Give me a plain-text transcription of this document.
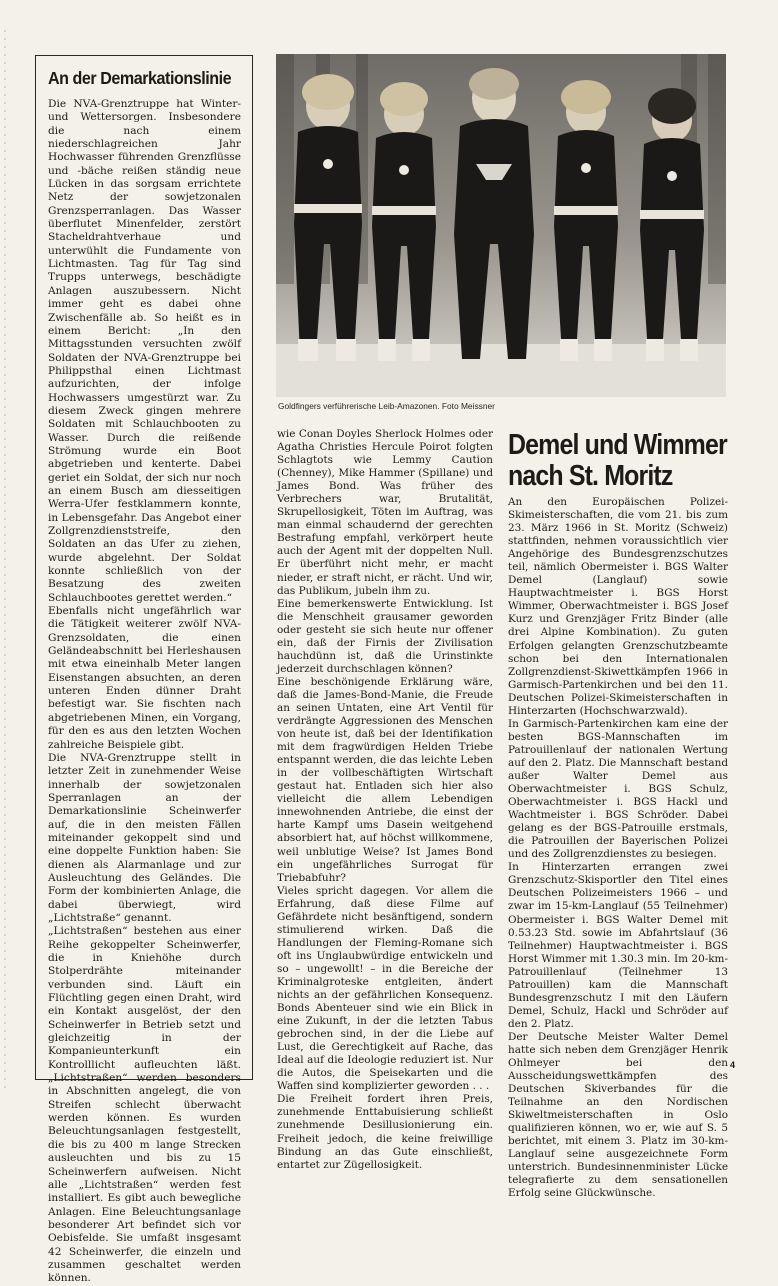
An der Demarkationslinie

Die NVA-Grenztruppe hat Winter- und Wettersorgen. Insbesondere die nach einem niederschlagreichen Jahr Hochwasser führenden Grenzflüsse und -bäche reißen ständig neue Lücken in das sorgsam errichtete Netz der sowjetzonalen Grenzsperranlagen. Das Wasser überflutet Minenfelder, zerstört Stacheldrahtverhaue und unterwühlt die Fundamente von Lichtmasten. Tag für Tag sind Trupps unterwegs, beschädigte Anlagen auszubessern. Nicht immer geht es dabei ohne Zwischenfälle ab. So heißt es in einem Bericht: „In den Mittagsstunden versuchten zwölf Soldaten der NVA-Grenztruppe bei Philippsthal einen Lichtmast aufzurichten, der infolge Hochwassers umgestürzt war. Zu diesem Zweck gingen mehrere Soldaten mit Schlauchbooten zu Wasser. Durch die reißende Strömung wurde ein Boot abgetrieben und kenterte. Dabei geriet ein Soldat, der sich nur noch an einem Busch am diesseitigen Werra-Ufer festklammern konnte, in Lebensgefahr. Das Angebot einer Zollgrenzdienststreife, den Soldaten an das Ufer zu ziehen, wurde abgelehnt. Der Soldat konnte schließlich von der Besatzung des zweiten Schlauchbootes gerettet werden.“

Ebenfalls nicht ungefährlich war die Tätigkeit weiterer zwölf NVA-Grenzsoldaten, die einen Geländeabschnitt bei Herleshausen mit etwa eineinhalb Meter langen Eisenstangen absuchten, an deren unteren Enden dünner Draht befestigt war. Sie fischten nach abgetriebenen Minen, ein Vorgang, für den es aus den letzten Wochen zahlreiche Beispiele gibt.

Die NVA-Grenztruppe stellt in letzter Zeit in zunehmender Weise innerhalb der sowjetzonalen Sperranlagen an der Demarkationslinie Scheinwerfer auf, die in den meisten Fällen miteinander gekoppelt sind und eine doppelte Funktion haben: Sie dienen als Alarmanlage und zur Ausleuchtung des Geländes. Die Form der kombinierten Anlage, die dabei überwiegt, wird „Lichtstraße“ genannt.

„Lichtstraßen“ bestehen aus einer Reihe gekoppelter Scheinwerfer, die in Kniehöhe durch Stolperdrähte miteinander verbunden sind. Läuft ein Flüchtling gegen einen Draht, wird ein Kontakt ausgelöst, der den Scheinwerfer in Betrieb setzt und gleichzeitig in der Kompanieunterkunft ein Kontrolllicht aufleuchten läßt. „Lichtstraßen“ werden besonders in Abschnitten angelegt, die von Streifen schlecht überwacht werden können. Es wurden Beleuchtungsanlagen festgestellt, die bis zu 400 m lange Strecken ausleuchten und bis zu 15 Scheinwerfern aufweisen. Nicht alle „Lichtstraßen“ werden fest installiert. Es gibt auch bewegliche Anlagen. Eine Beleuchtungsanlage besonderer Art befindet sich vor Oebisfelde. Sie umfaßt insgesamt 42 Scheinwerfer, die einzeln und zusammen geschaltet werden können.

Goldfingers verführerische Leib-Amazonen. Foto Meissner

wie Conan Doyles Sherlock Holmes oder Agatha Christies Hercule Poirot folgten Schlagtots wie Lemmy Caution (Chenney), Mike Hammer (Spillane) und James Bond. Was früher des Verbrechers war, Brutalität, Skrupellosigkeit, Töten im Auftrag, was man einmal schaudernd der gerechten Bestrafung empfahl, verkörpert heute auch der Agent mit der doppelten Null. Er überführt nicht mehr, er macht nieder, er straft nicht, er rächt. Und wir, das Publikum, jubeln ihm zu.

Eine bemerkenswerte Entwicklung. Ist die Menschheit grausamer geworden oder gesteht sie sich heute nur offener ein, daß der Firnis der Zivilisation hauchdünn ist, daß die Urinstinkte jederzeit durchschlagen können?

Eine beschönigende Erklärung wäre, daß die James-Bond-Manie, die Freude an seinen Untaten, eine Art Ventil für verdrängte Aggressionen des Menschen von heute ist, daß bei der Identifikation mit dem fragwürdigen Helden Triebe entspannt werden, die das leichte Leben in der vollbeschäftigten Wirtschaft gestaut hat. Entladen sich hier also vielleicht die allem Lebendigen innewohnenden Antriebe, die einst der harte Kampf ums Dasein weitgehend absorbiert hat, auf höchst willkommene, weil unblutige Weise? Ist James Bond ein ungefährliches Surrogat für Triebabfuhr?

Vieles spricht dagegen. Vor allem die Erfahrung, daß diese Filme auf Gefährdete nicht besänftigend, sondern stimulierend wirken. Daß die Handlungen der Fleming-Romane sich oft ins Unglaubwürdige entwickeln und so – ungewollt! – in die Bereiche der Kriminalgroteske entgleiten, ändert nichts an der gefährlichen Konsequenz. Bonds Abenteuer sind wie ein Blick in eine Zukunft, in der die letzten Tabus gebrochen sind, in der die Liebe auf Lust, die Gerechtigkeit auf Rache, das Ideal auf die Ideologie reduziert ist. Nur die Autos, die Speisekarten und die Waffen sind komplizierter geworden . . .

Die Freiheit fordert ihren Preis, zunehmende Enttabuisierung schließt zunehmende Desillusionierung ein. Freiheit jedoch, die keine freiwillige Bindung an das Gute einschließt, entartet zur Zügellosigkeit.

Demel und Wimmer
nach St. Moritz

An den Europäischen Polizei-Skimeisterschaften, die vom 21. bis zum 23. März 1966 in St. Moritz (Schweiz) stattfinden, nehmen voraussichtlich vier Angehörige des Bundesgrenzschutzes teil, nämlich Obermeister i. BGS Walter Demel (Langlauf) sowie Hauptwachtmeister i. BGS Horst Wimmer, Oberwachtmeister i. BGS Josef Kurz und Grenzjäger Fritz Binder (alle drei Alpine Kombination). Zu guten Erfolgen gelangten Grenzschutzbeamte schon bei den Internationalen Zollgrenzdienst-Skiwettkämpfen 1966 in Garmisch-Partenkirchen und bei den 11. Deutschen Polizei-Skimeisterschaften in Hinterzarten (Hochschwarzwald).

In Garmisch-Partenkirchen kam eine der besten BGS-Mannschaften im Patrouillenlauf der nationalen Wertung auf den 2. Platz. Die Mannschaft bestand außer Walter Demel aus Oberwachtmeister i. BGS Schulz, Oberwachtmeister i. BGS Hackl und Wachtmeister i. BGS Schröder. Dabei gelang es der BGS-Patrouille erstmals, die Patrouillen der Bayerischen Polizei und des Zollgrenzdienstes zu besiegen.

In Hinterzarten errangen zwei Grenzschutz-Skisportler den Titel eines Deutschen Polizeimeisters 1966 – und zwar im 15-km-Langlauf (55 Teilnehmer) Obermeister i. BGS Walter Demel mit 0.53.23 Std. sowie im Abfahrtslauf (36 Teilnehmer) Hauptwachtmeister i. BGS Horst Wimmer mit 1.30.3 min. Im 20-km-Patrouillenlauf (Teilnehmer 13 Patrouillen) kam die Mannschaft Bundesgrenzschutz I mit den Läufern Demel, Schulz, Hackl und Schröder auf den 2. Platz.

Der Deutsche Meister Walter Demel hatte sich neben dem Grenzjäger Henrik Ohlmeyer bei den Ausscheidungswettkämpfen des Deutschen Skiverbandes für die Teilnahme an den Nordischen Skiweltmeisterschaften in Oslo qualifizieren können, wo er, wie auf S. 5 berichtet, mit einem 3. Platz im 30-km-Langlauf seine ausgezeichnete Form unterstrich. Bundesinnenminister Lücke telegrafierte zu dem sensationellen Erfolg seine Glückwünsche.

4
